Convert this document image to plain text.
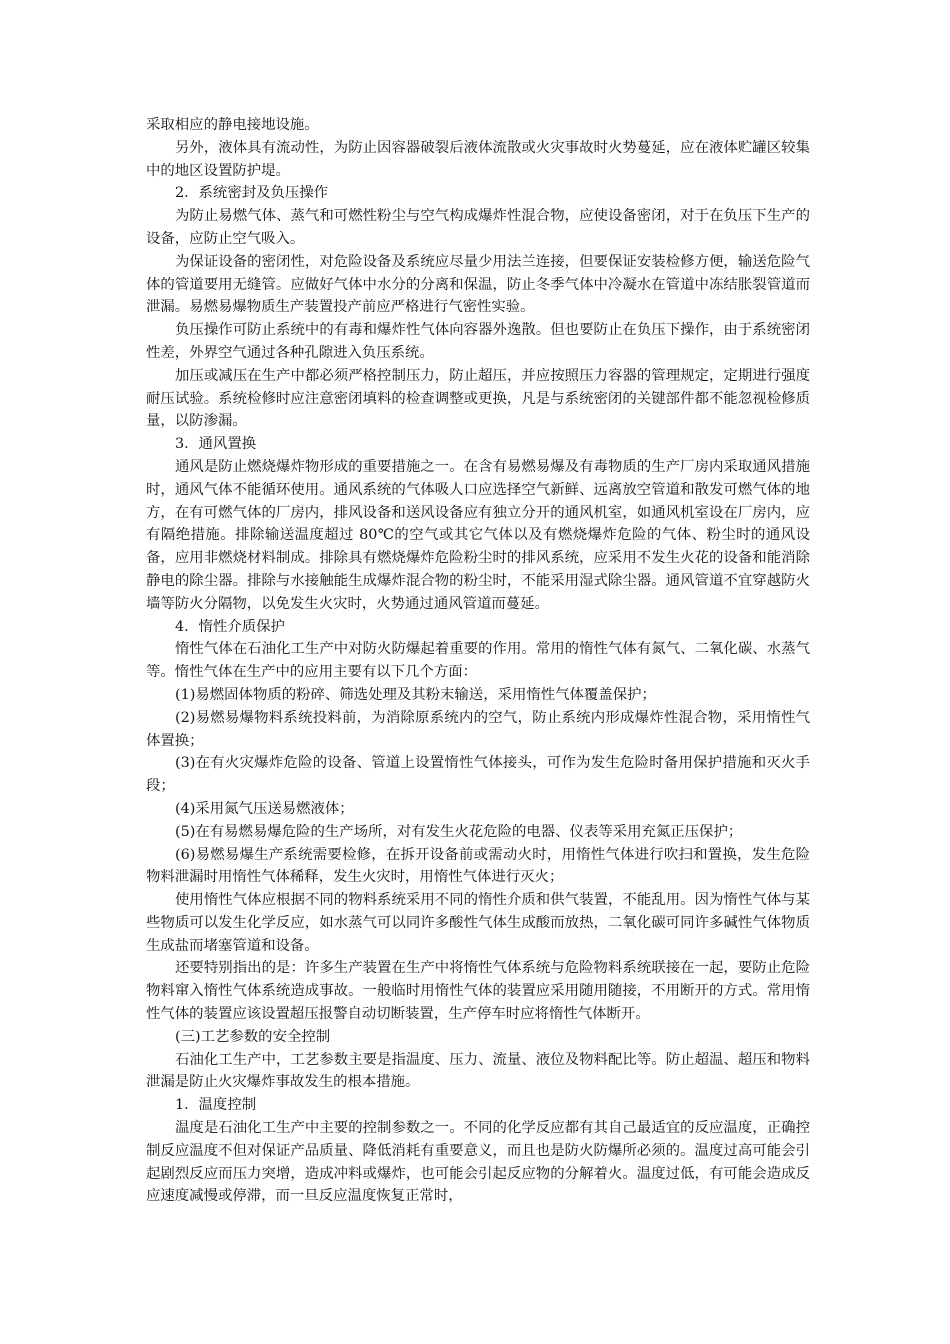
采取相应的静电接地设施。

另外，液体具有流动性，为防止因容器破裂后液体流散或火灾事故时火势蔓延，应在液体贮罐区较集中的地区设置防护堤。

2．系统密封及负压操作

为防止易燃气体、蒸气和可燃性粉尘与空气构成爆炸性混合物，应使设备密闭，对于在负压下生产的设备，应防止空气吸入。

为保证设备的密闭性，对危险设备及系统应尽量少用法兰连接，但要保证安装检修方便，输送危险气体的管道要用无缝管。应做好气体中水分的分离和保温，防止冬季气体中冷凝水在管道中冻结胀裂管道而泄漏。易燃易爆物质生产装置投产前应严格进行气密性实验。

负压操作可防止系统中的有毒和爆炸性气体向容器外逸散。但也要防止在负压下操作，由于系统密闭性差，外界空气通过各种孔隙进入负压系统。

加压或减压在生产中都必须严格控制压力，防止超压，并应按照压力容器的管理规定，定期进行强度耐压试验。系统检修时应注意密闭填料的检查调整或更换，凡是与系统密闭的关键部件都不能忽视检修质量，以防渗漏。

3．通风置换

通风是防止燃烧爆炸物形成的重要措施之一。在含有易燃易爆及有毒物质的生产厂房内采取通风措施时，通风气体不能循环使用。通风系统的气体吸人口应选择空气新鲜、远离放空管道和散发可燃气体的地方，在有可燃气体的厂房内，排风设备和送风设备应有独立分开的通风机室，如通风机室设在厂房内，应有隔绝措施。排除输送温度超过 80℃的空气或其它气体以及有燃烧爆炸危险的气体、粉尘时的通风设备，应用非燃烧材料制成。排除具有燃烧爆炸危险粉尘时的排风系统，应采用不发生火花的设备和能消除静电的除尘器。排除与水接触能生成爆炸混合物的粉尘时，不能采用湿式除尘器。通风管道不宜穿越防火墙等防火分隔物，以免发生火灾时，火势通过通风管道而蔓延。

4．惰性介质保护

惰性气体在石油化工生产中对防火防爆起着重要的作用。常用的惰性气体有氮气、二氧化碳、水蒸气等。惰性气体在生产中的应用主要有以下几个方面：

(1)易燃固体物质的粉碎、筛选处理及其粉末输送，采用惰性气体覆盖保护；

(2)易燃易爆物料系统投料前，为消除原系统内的空气，防止系统内形成爆炸性混合物，采用惰性气体置换；

(3)在有火灾爆炸危险的设备、管道上设置惰性气体接头，可作为发生危险时备用保护措施和灭火手段；

(4)采用氮气压送易燃液体；

(5)在有易燃易爆危险的生产场所，对有发生火花危险的电器、仪表等采用充氮正压保护；

(6)易燃易爆生产系统需要检修，在拆开设备前或需动火时，用惰性气体进行吹扫和置换，发生危险物料泄漏时用惰性气体稀释，发生火灾时，用惰性气体进行灭火；

使用惰性气体应根据不同的物料系统采用不同的惰性介质和供气装置，不能乱用。因为惰性气体与某些物质可以发生化学反应，如水蒸气可以同许多酸性气体生成酸而放热，二氧化碳可同许多碱性气体物质生成盐而堵塞管道和设备。

还要特别指出的是：许多生产装置在生产中将惰性气体系统与危险物料系统联接在一起，要防止危险物料窜入惰性气体系统造成事故。一般临时用惰性气体的装置应采用随用随接，不用断开的方式。常用惰性气体的装置应该设置超压报警自动切断装置，生产停车时应将惰性气体断开。

(三)工艺参数的安全控制

石油化工生产中，工艺参数主要是指温度、压力、流量、液位及物料配比等。防止超温、超压和物料泄漏是防止火灾爆炸事故发生的根本措施。

1．温度控制

温度是石油化工生产中主要的控制参数之一。不同的化学反应都有其自己最适宜的反应温度，正确控制反应温度不但对保证产品质量、降低消耗有重要意义，而且也是防火防爆所必须的。温度过高可能会引起剧烈反应而压力突增，造成冲料或爆炸，也可能会引起反应物的分解着火。温度过低，有可能会造成反应速度减慢或停滞，而一旦反应温度恢复正常时，
